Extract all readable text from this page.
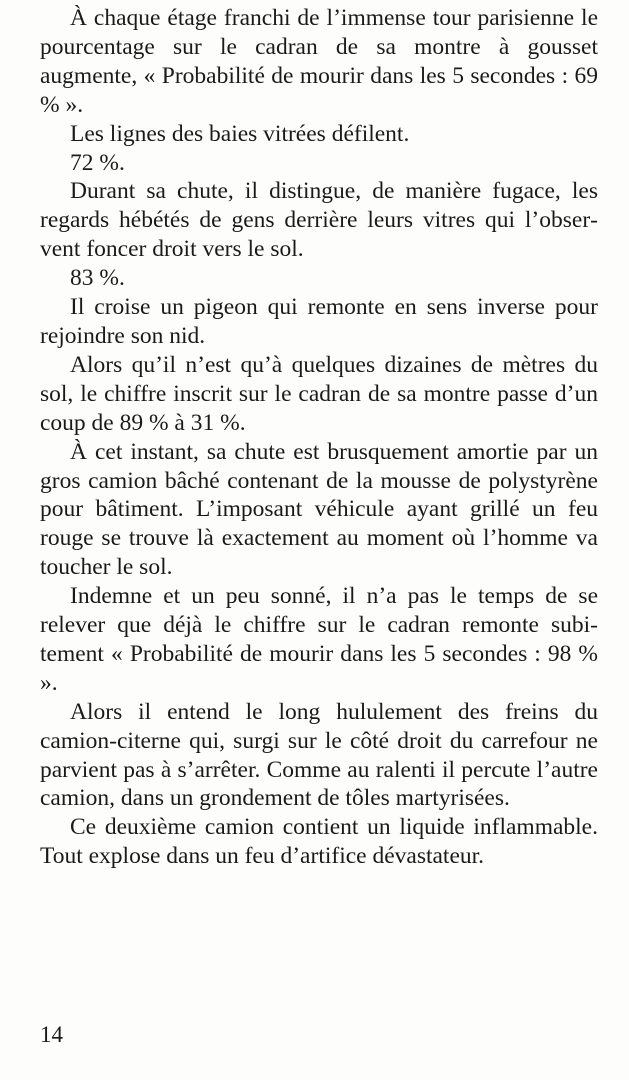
À chaque étage franchi de l’immense tour parisienne le pourcentage sur le cadran de sa montre à gousset augmente, « Probabilité de mourir dans les 5 secondes : 69 % ».

Les lignes des baies vitrées défilent.

72 %.

Durant sa chute, il distingue, de manière fugace, les regards hébétés de gens derrière leurs vitres qui l’observent foncer droit vers le sol.

83 %.

Il croise un pigeon qui remonte en sens inverse pour rejoindre son nid.

Alors qu’il n’est qu’à quelques dizaines de mètres du sol, le chiffre inscrit sur le cadran de sa montre passe d’un coup de 89 % à 31 %.

À cet instant, sa chute est brusquement amortie par un gros camion bâché contenant de la mousse de polystyrène pour bâtiment. L’imposant véhicule ayant grillé un feu rouge se trouve là exactement au moment où l’homme va toucher le sol.

Indemne et un peu sonné, il n’a pas le temps de se relever que déjà le chiffre sur le cadran remonte subitement « Probabilité de mourir dans les 5 secondes : 98 % ».

Alors il entend le long hululement des freins du camion-citerne qui, surgi sur le côté droit du carrefour ne parvient pas à s’arrêter. Comme au ralenti il percute l’autre camion, dans un grondement de tôles martyrisées.

Ce deuxième camion contient un liquide inflammable. Tout explose dans un feu d’artifice dévastateur.

14
